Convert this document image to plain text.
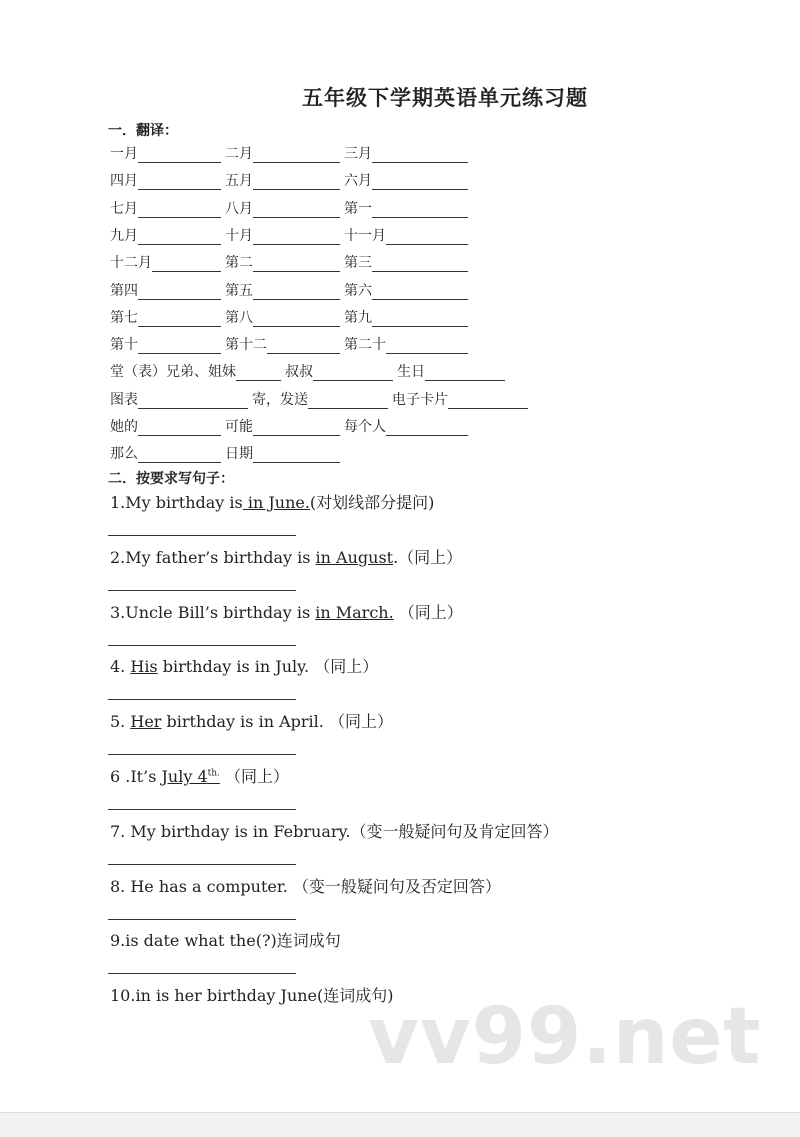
五年级下学期英语单元练习题
一．翻译：
一月	二月	三月
四月	五月	六月
七月	八月	第一
九月	十月	十一月
十二月	第二	第三
第四	第五	第六
第七	第八	第九
第十	第十二	第二十
堂（表）兄弟、姐妹	叔叔	生日
图表	寄，发送	电子卡片
她的	可能	每个人
那么	日期
二．按要求写句子：
1.My birthday is in June.(对划线部分提问)
2.My father’s birthday is in August.（同上）
3.Uncle Bill’s birthday is in March. （同上）
4. His birthday is in July. （同上）
5. Her birthday is in April. （同上）
6 .It’s July $4^{th.}$ （同上）
7. My birthday is in February.（变一般疑问句及肯定回答）
8. He has a computer. （变一般疑问句及否定回答）
9.is date what the(?)连词成句
10.in is her birthday June(连词成句)
vv99.net
